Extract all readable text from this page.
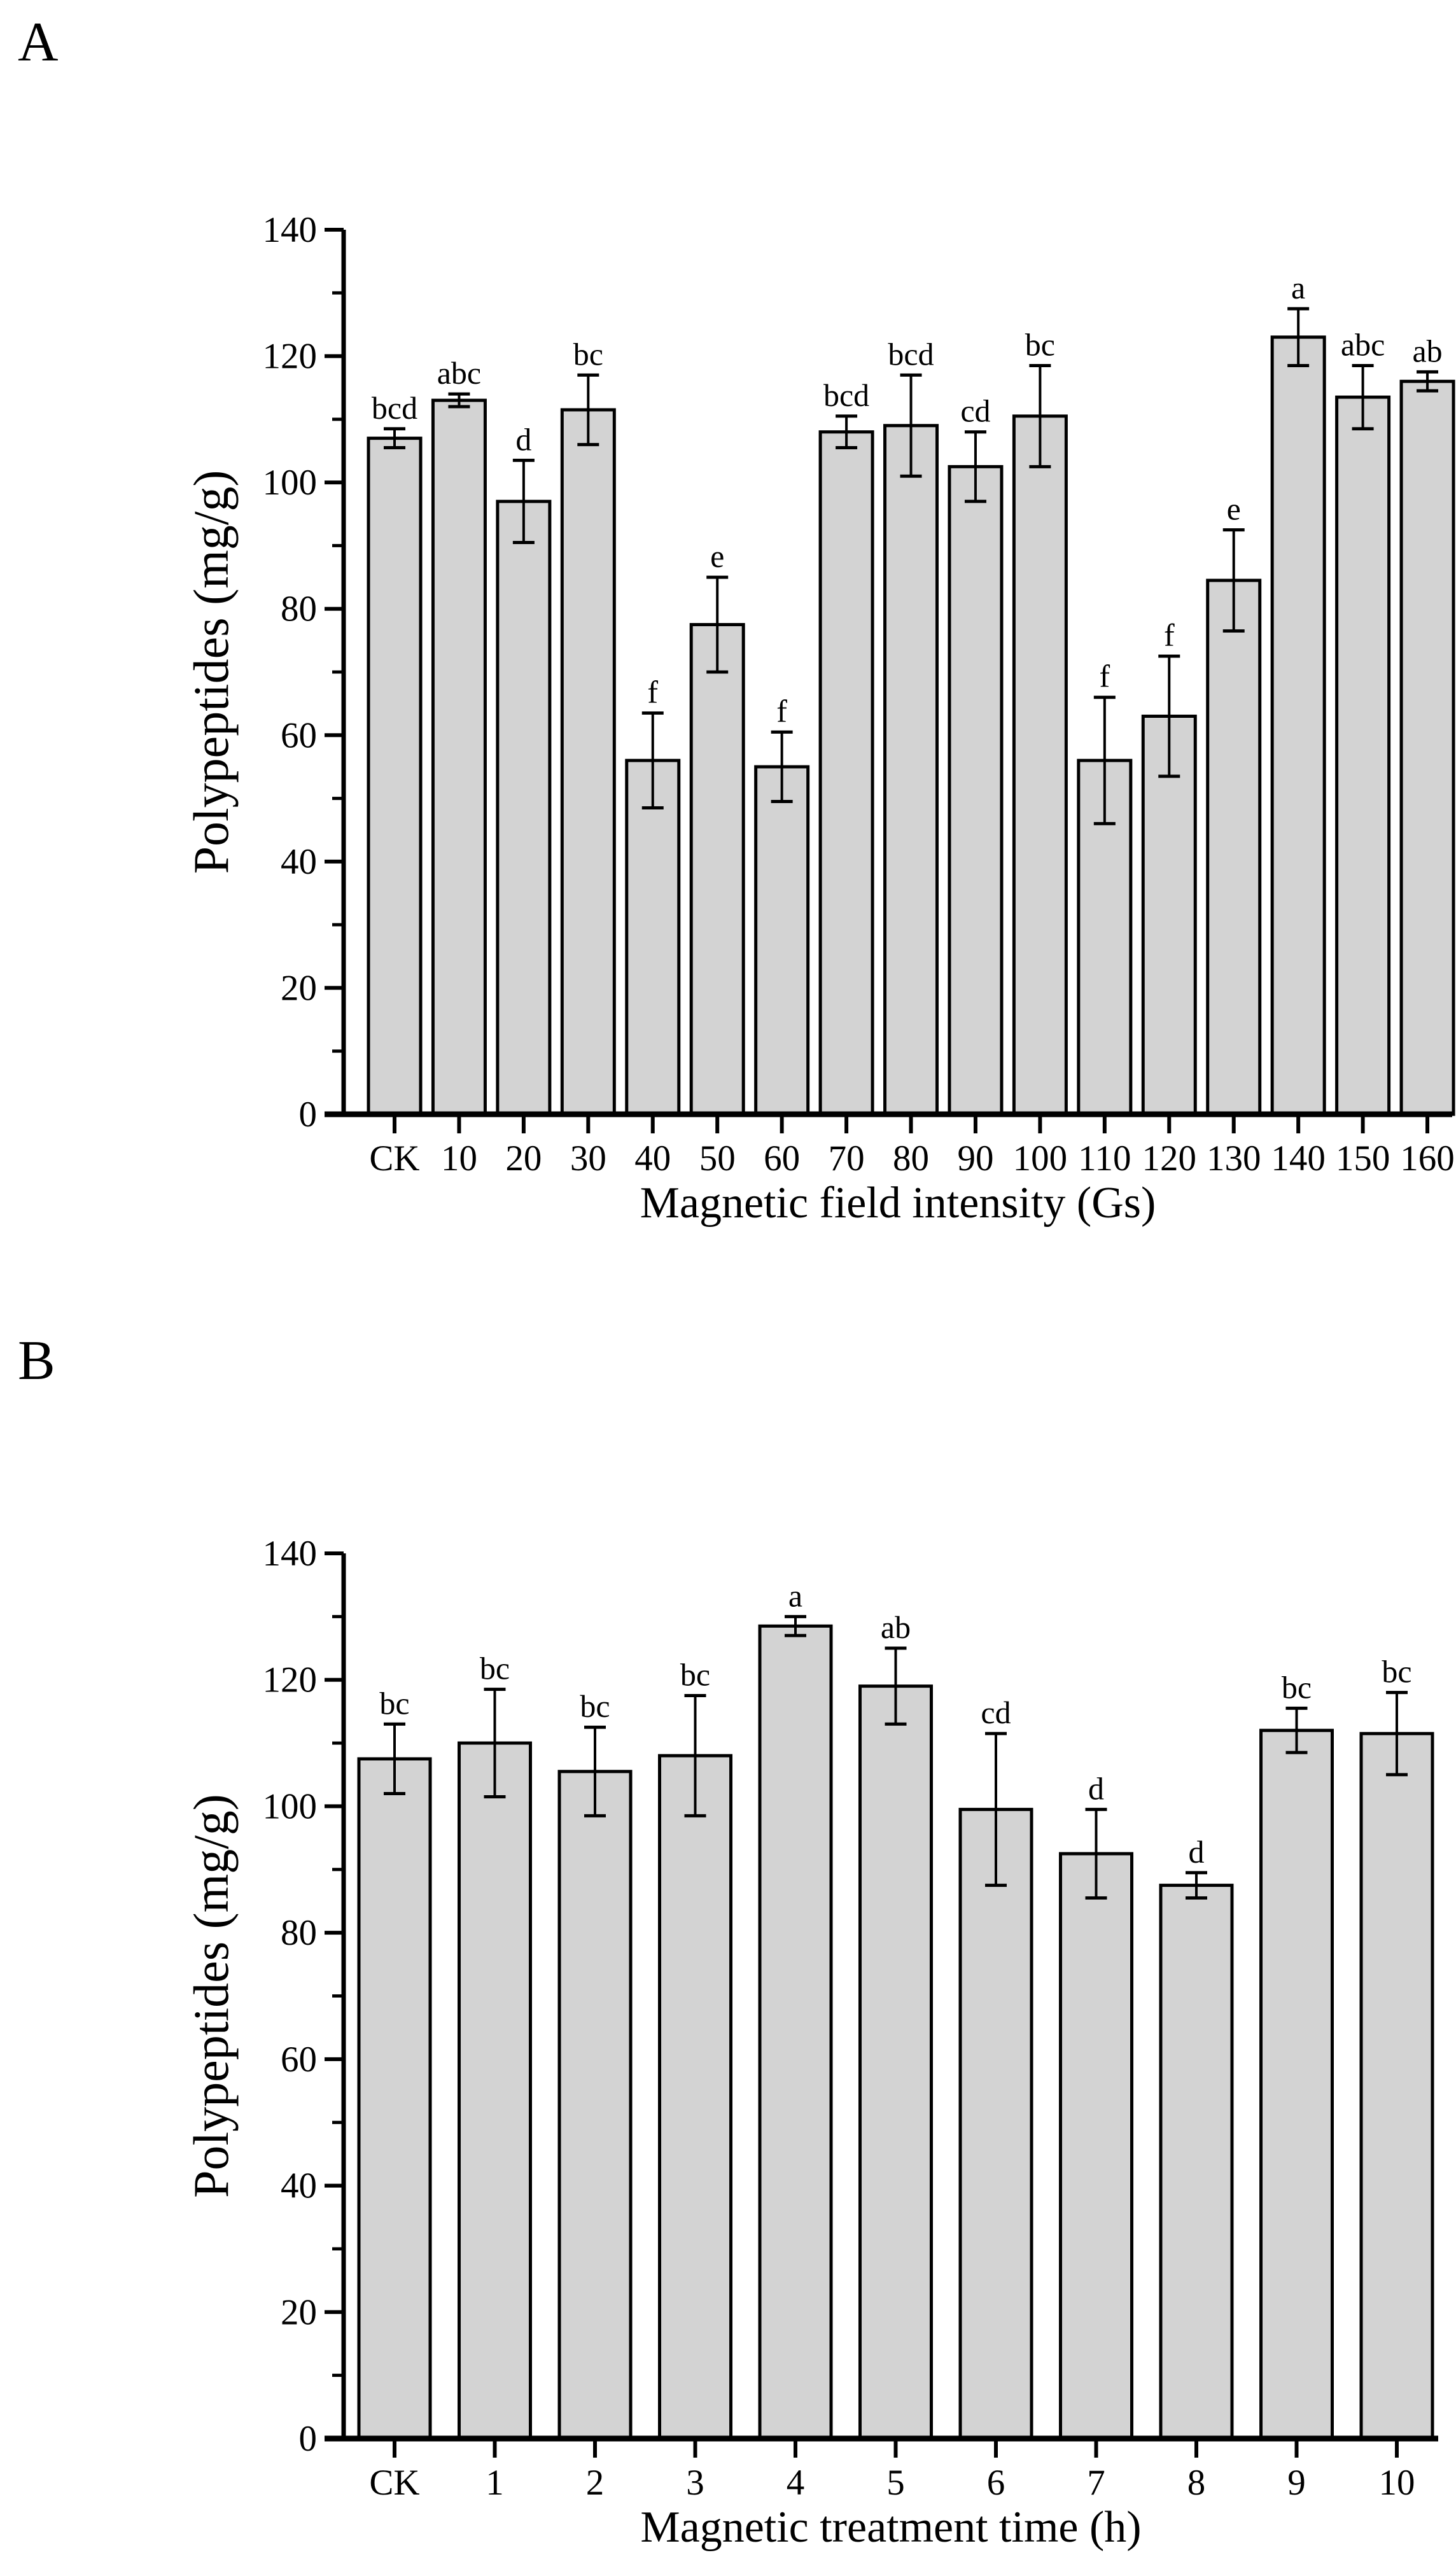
A
bcd
CK
abc
10
d
20
bc
30
f
40
e
50
f
60
bcd
70
bcd
80
cd
90
bc
100
f
110
f
120
e
130
a
140
abc
150
ab
160
0
20
40
60
80
100
120
140
Magnetic field intensity (Gs)
Polypeptides (mg/g)
B
bc
CK
bc
1
bc
2
bc
3
a
4
ab
5
cd
6
d
7
d
8
bc
9
bc
10
0
20
40
60
80
100
120
140
Magnetic treatment time (h)
Polypeptides (mg/g)
